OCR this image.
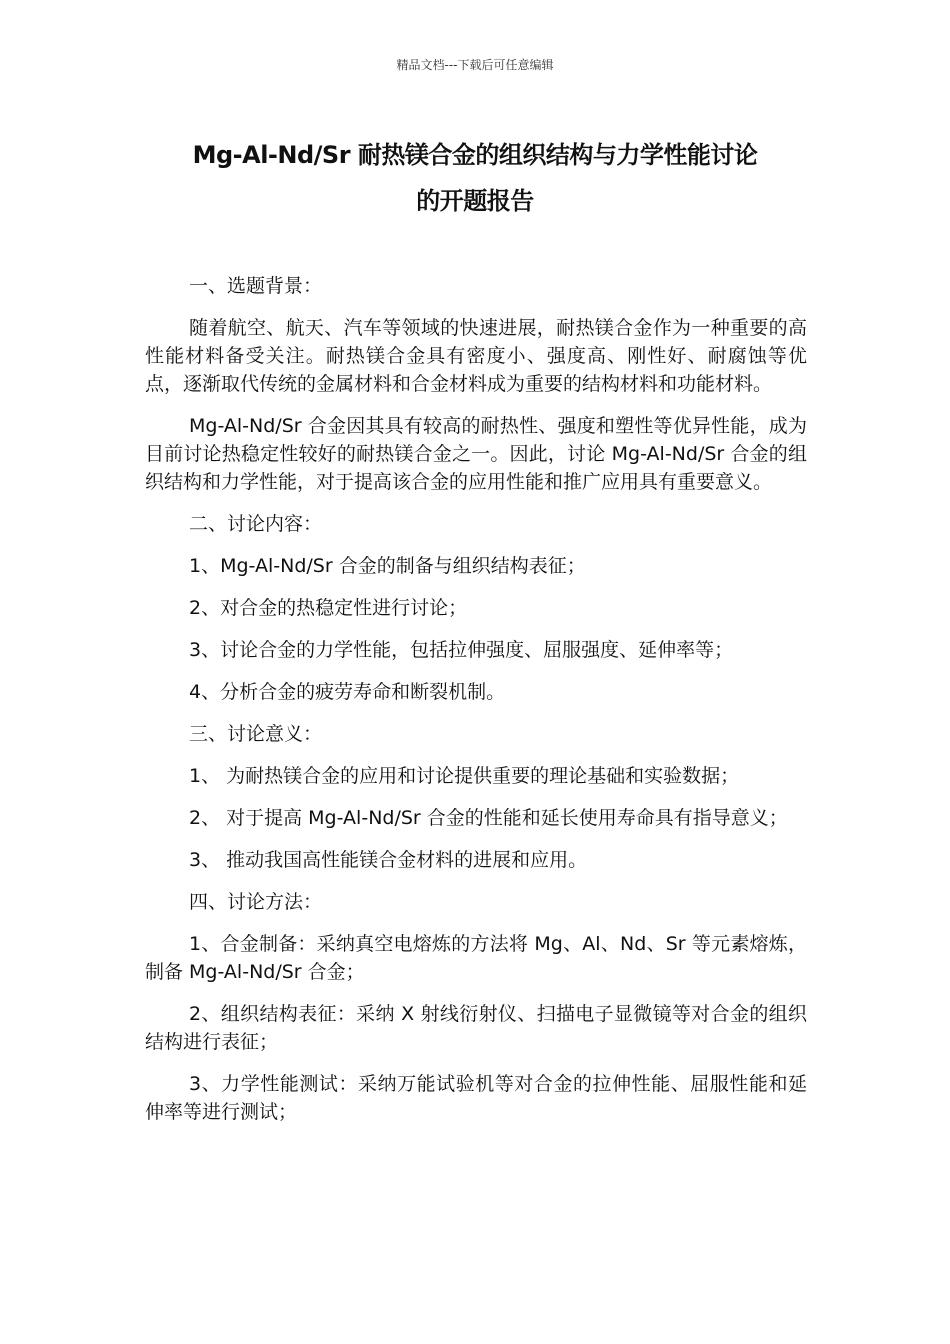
精品文档---下载后可任意编辑
Mg-Al-Nd/Sr 耐热镁合金的组织结构与力学性能讨论
的开题报告

一、选题背景：

随着航空、航天、汽车等领域的快速进展，耐热镁合金作为一种重要的高性能材料备受关注。耐热镁合金具有密度小、强度高、刚性好、耐腐蚀等优点，逐渐取代传统的金属材料和合金材料成为重要的结构材料和功能材料。

Mg-Al-Nd/Sr 合金因其具有较高的耐热性、强度和塑性等优异性能，成为目前讨论热稳定性较好的耐热镁合金之一。因此，讨论 Mg-Al-Nd/Sr 合金的组织结构和力学性能，对于提高该合金的应用性能和推广应用具有重要意义。

二、讨论内容：

1、Mg-Al-Nd/Sr 合金的制备与组织结构表征；

2、对合金的热稳定性进行讨论；

3、讨论合金的力学性能，包括拉伸强度、屈服强度、延伸率等；

4、分析合金的疲劳寿命和断裂机制。

三、讨论意义：

1、 为耐热镁合金的应用和讨论提供重要的理论基础和实验数据；

2、 对于提高 Mg-Al-Nd/Sr 合金的性能和延长使用寿命具有指导意义；

3、 推动我国高性能镁合金材料的进展和应用。

四、讨论方法：

1、合金制备：采纳真空电熔炼的方法将 Mg、Al、Nd、Sr 等元素熔炼，制备 Mg-Al-Nd/Sr 合金；

2、组织结构表征：采纳 X 射线衍射仪、扫描电子显微镜等对合金的组织结构进行表征；

3、力学性能测试：采纳万能试验机等对合金的拉伸性能、屈服性能和延伸率等进行测试；
